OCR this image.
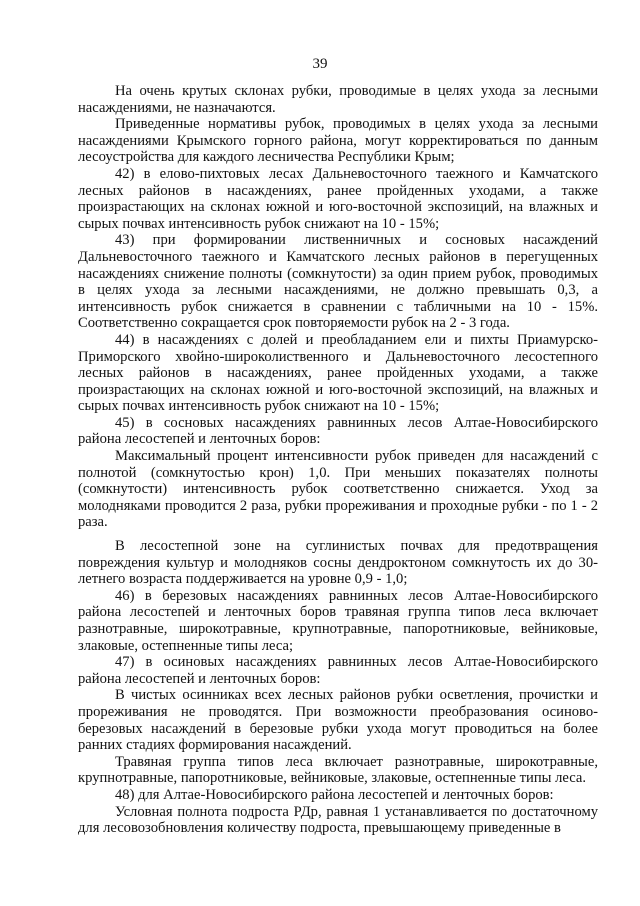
39

На очень крутых склонах рубки, проводимые в целях ухода за лесными насаждениями, не назначаются.

Приведенные нормативы рубок, проводимых в целях ухода за лесными насаждениями Крымского горного района, могут корректироваться по данным лесоустройства для каждого лесничества Республики Крым;

42) в елово-пихтовых лесах Дальневосточного таежного и Камчатского лесных районов в насаждениях, ранее пройденных уходами, а также произрастающих на склонах южной и юго-восточной экспозиций, на влажных и сырых почвах интенсивность рубок снижают на 10 - 15%;

43) при формировании лиственничных и сосновых насаждений Дальневосточного таежного и Камчатского лесных районов в перегущенных насаждениях снижение полноты (сомкнутости) за один прием рубок, проводимых в целях ухода за лесными насаждениями, не должно превышать 0,3, а интенсивность рубок снижается в сравнении с табличными на 10 - 15%. Соответственно сокращается срок повторяемости рубок на 2 - 3 года.

44) в насаждениях с долей и преобладанием ели и пихты Приамурско-Приморского хвойно-широколиственного и Дальневосточного лесостепного лесных районов в насаждениях, ранее пройденных уходами, а также произрастающих на склонах южной и юго-восточной экспозиций, на влажных и сырых почвах интенсивность рубок снижают на 10 - 15%;

45) в сосновых насаждениях равнинных лесов Алтае-Новосибирского района лесостепей и ленточных боров:

Максимальный процент интенсивности рубок приведен для насаждений с полнотой (сомкнутостью крон) 1,0. При меньших показателях полноты (сомкнутости) интенсивность рубок соответственно снижается. Уход за молодняками проводится 2 раза, рубки прореживания и проходные рубки - по 1 - 2 раза.

В лесостепной зоне на суглинистых почвах для предотвращения повреждения культур и молодняков сосны дендроктоном сомкнутость их до 30-летнего возраста поддерживается на уровне 0,9 - 1,0;

46) в березовых насаждениях равнинных лесов Алтае-Новосибирского района лесостепей и ленточных боров травяная группа типов леса включает разнотравные, широкотравные, крупнотравные, папоротниковые, вейниковые, злаковые, остепненные типы леса;

47) в осиновых насаждениях равнинных лесов Алтае-Новосибирского района лесостепей и ленточных боров:

В чистых осинниках всех лесных районов рубки осветления, прочистки и прореживания не проводятся. При возможности преобразования осиново-березовых насаждений в березовые рубки ухода могут проводиться на более ранних стадиях формирования насаждений.

Травяная группа типов леса включает разнотравные, широкотравные, крупнотравные, папоротниковые, вейниковые, злаковые, остепненные типы леса.

48) для Алтае-Новосибирского района лесостепей и ленточных боров:

Условная полнота подроста РДр, равная 1 устанавливается по достаточному для лесовозобновления количеству подроста, превышающему приведенные в
